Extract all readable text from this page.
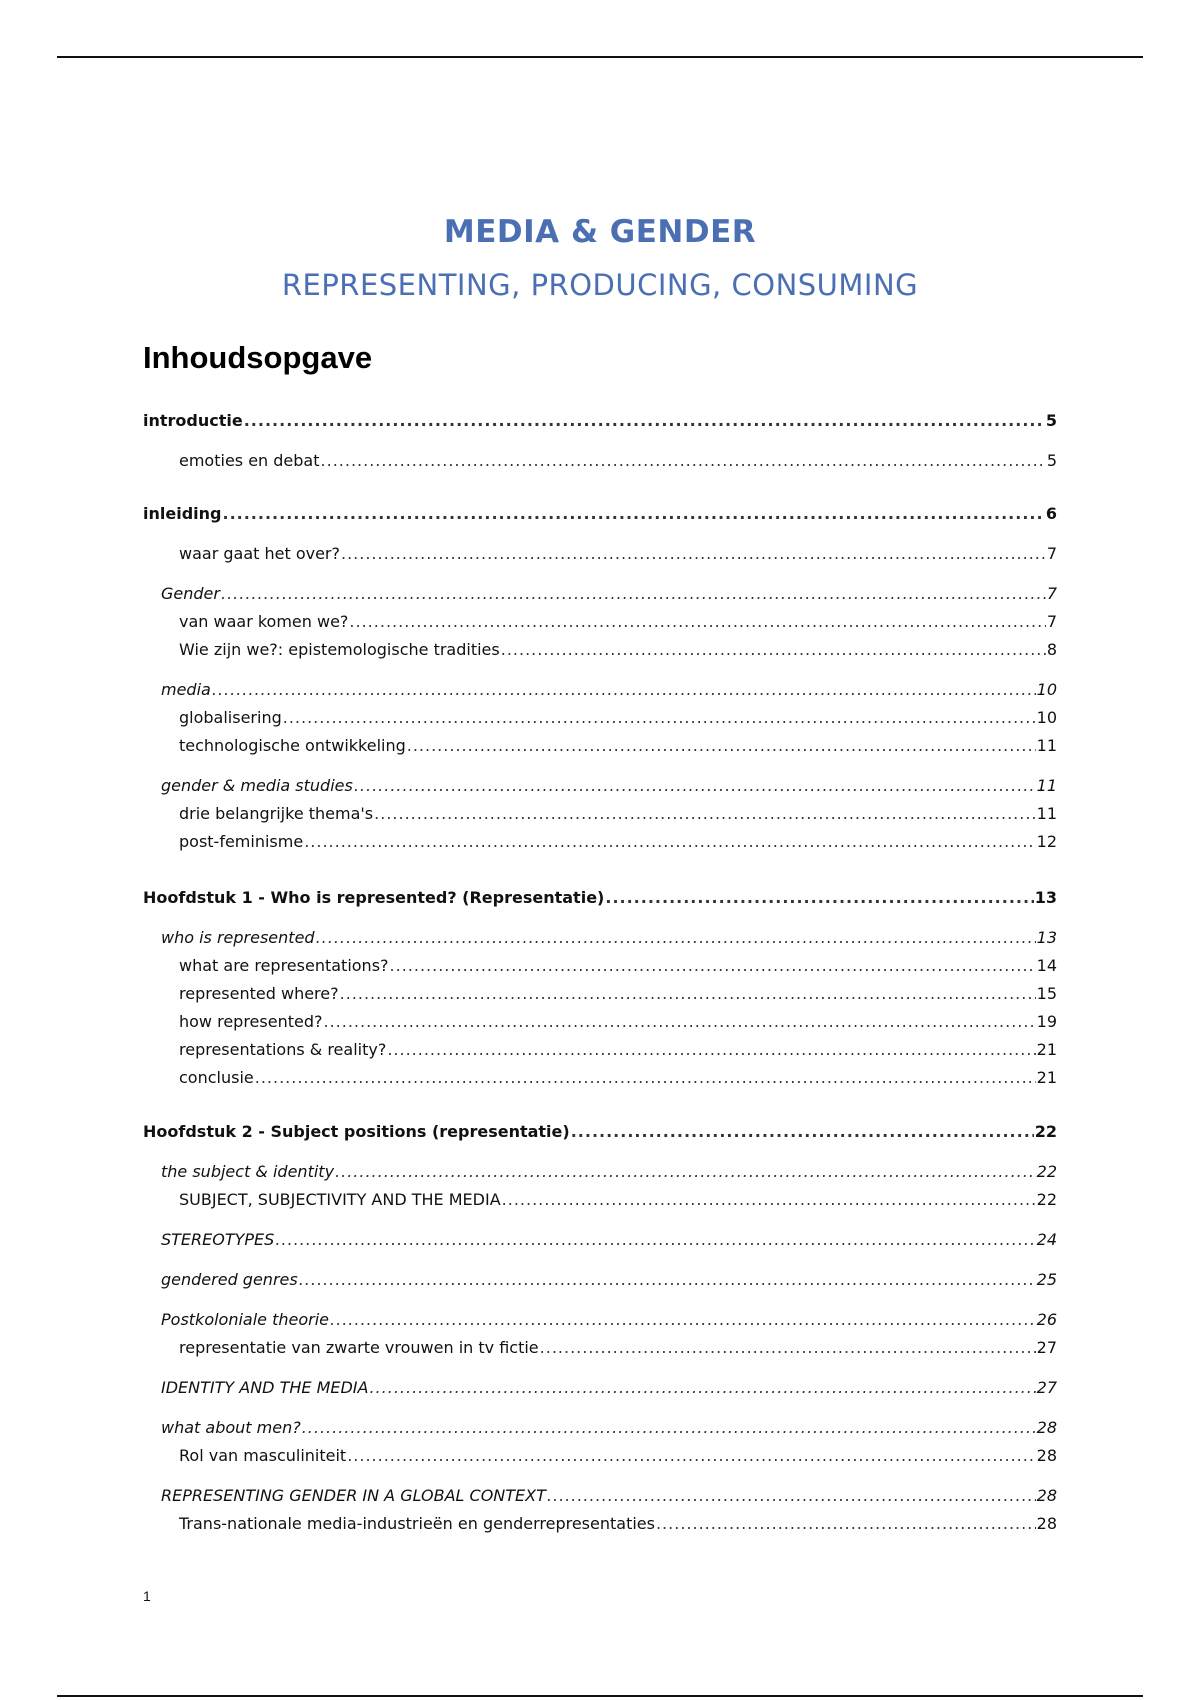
MEDIA & GENDER
REPRESENTING, PRODUCING, CONSUMING
Inhoudsopgave
introductie .....	5
emoties en debat .....	5
inleiding .....	6
waar gaat het over? .....	7
Gender .....	7
van waar komen we? .....	7
Wie zijn we?: epistemologische tradities .....	8
media .....	10
globalisering .....	10
technologische ontwikkeling .....	11
gender & media studies .....	11
drie belangrijke thema's .....	11
post-feminisme .....	12
Hoofdstuk 1 - Who is represented? (Representatie) .....	13
who is represented .....	13
what are representations? .....	14
represented where? .....	15
how represented? .....	19
representations & reality? .....	21
conclusie .....	21
Hoofdstuk 2 - Subject positions (representatie) .....	22
the subject & identity .....	22
SUBJECT, SUBJECTIVITY AND THE MEDIA .....	22
STEREOTYPES .....	24
gendered genres .....	25
Postkoloniale theorie .....	26
representatie van zwarte vrouwen in tv fictie .....	27
IDENTITY AND THE MEDIA .....	27
what about men? .....	28
Rol van masculiniteit .....	28
REPRESENTING GENDER IN A GLOBAL CONTEXT .....	28
Trans-nationale media-industrieën en genderrepresentaties .....	28
1
